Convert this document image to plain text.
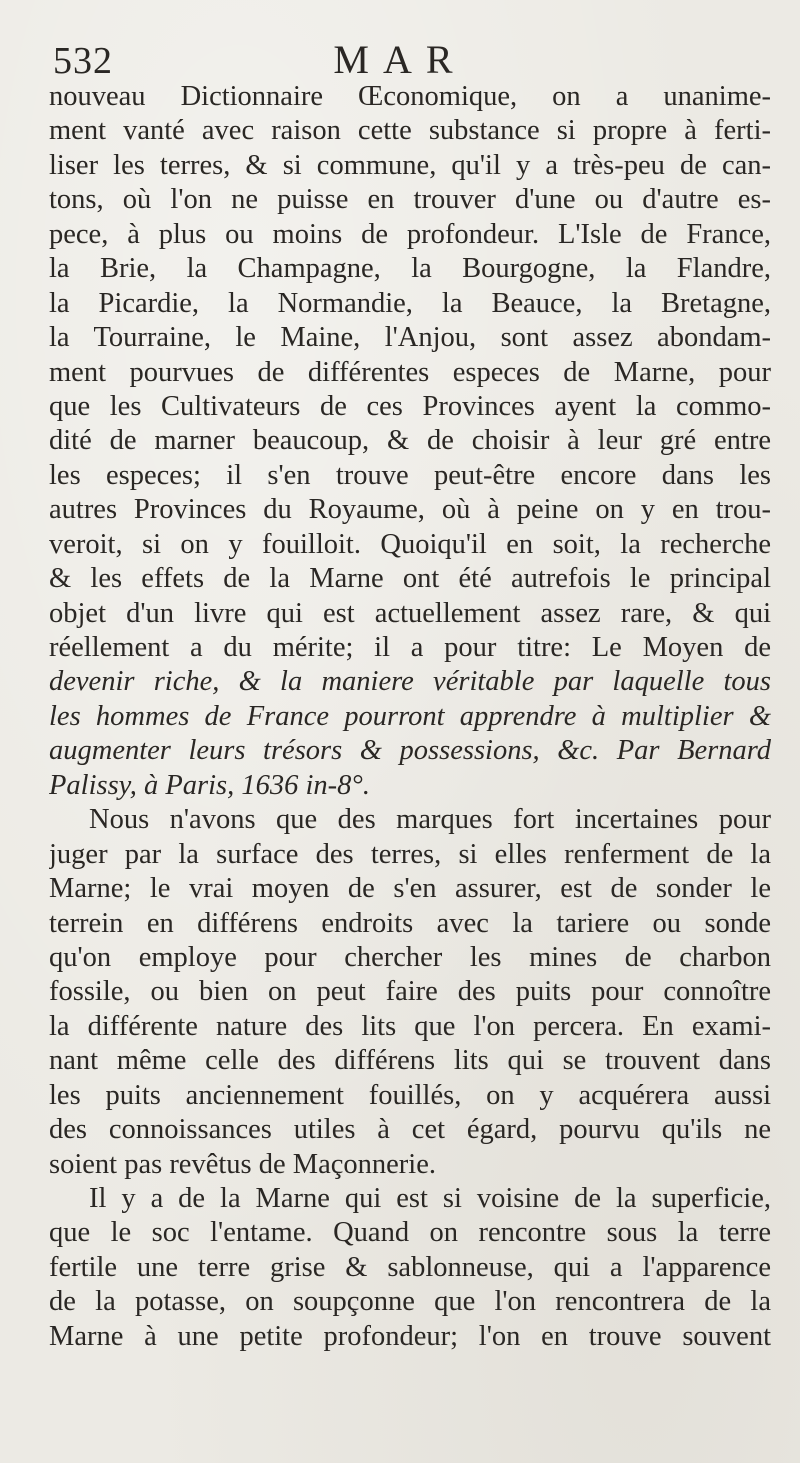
532	MAR
nouveau Dictionnaire Œconomique, on a unanime-
ment vanté avec raison cette substance si propre à ferti-
liser les terres, & si commune, qu'il y a très-peu de can-
tons, où l'on ne puisse en trouver d'une ou d'autre es-
pece, à plus ou moins de profondeur. L'Isle de France,
la Brie, la Champagne, la Bourgogne, la Flandre,
la Picardie, la Normandie, la Beauce, la Bretagne,
la Tourraine, le Maine, l'Anjou, sont assez abondam-
ment pourvues de différentes especes de Marne, pour
que les Cultivateurs de ces Provinces ayent la commo-
dité de marner beaucoup, & de choisir à leur gré entre
les especes; il s'en trouve peut-être encore dans les
autres Provinces du Royaume, où à peine on y en trou-
veroit, si on y fouilloit. Quoiqu'il en soit, la recherche
& les effets de la Marne ont été autrefois le principal
objet d'un livre qui est actuellement assez rare, & qui
réellement a du mérite; il a pour titre: Le Moyen de
devenir riche, & la maniere véritable par laquelle tous
les hommes de France pourront apprendre à multiplier &
augmenter leurs trésors & possessions, &c. Par Bernard
Palissy, à Paris, 1636 in-8°.
Nous n'avons que des marques fort incertaines pour
juger par la surface des terres, si elles renferment de la
Marne; le vrai moyen de s'en assurer, est de sonder le
terrein en différens endroits avec la tariere ou sonde
qu'on employe pour chercher les mines de charbon
fossile, ou bien on peut faire des puits pour connoître
la différente nature des lits que l'on percera. En exami-
nant même celle des différens lits qui se trouvent dans
les puits anciennement fouillés, on y acquérera aussi
des connoissances utiles à cet égard, pourvu qu'ils ne
soient pas revêtus de Maçonnerie.
Il y a de la Marne qui est si voisine de la superficie,
que le soc l'entame. Quand on rencontre sous la terre
fertile une terre grise & sablonneuse, qui a l'apparence
de la potasse, on soupçonne que l'on rencontrera de la
Marne à une petite profondeur; l'on en trouve souvent
